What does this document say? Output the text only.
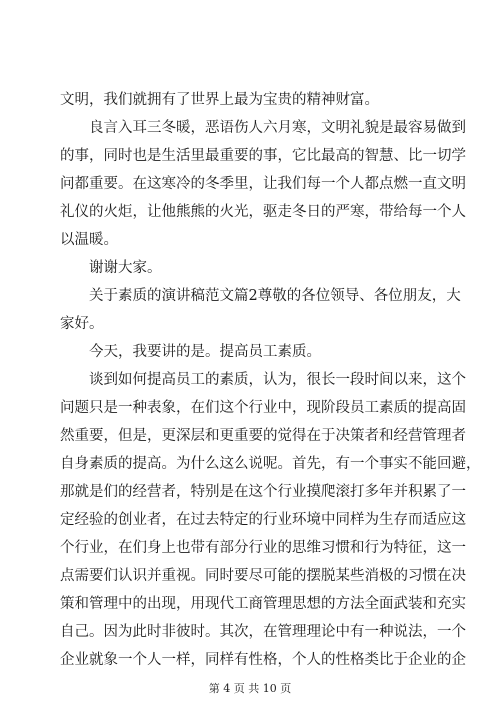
文明，我们就拥有了世界上最为宝贵的精神财富。
良言入耳三冬暖，恶语伤人六月寒，文明礼貌是最容易做到
的事，同时也是生活里最重要的事，它比最高的智慧、比一切学
问都重要。在这寒冷的冬季里，让我们每一个人都点燃一直文明
礼仪的火炬，让他熊熊的火光，驱走冬日的严寒，带给每一个人
以温暖。
谢谢大家。
关于素质的演讲稿范文篇2尊敬的各位领导、各位朋友，大
家好。
今天，我要讲的是。提高员工素质。
谈到如何提高员工的素质，认为，很长一段时间以来，这个
问题只是一种表象，在们这个行业中，现阶段员工素质的提高固
然重要，但是，更深层和更重要的觉得在于决策者和经营管理者
自身素质的提高。为什么这么说呢。首先，有一个事实不能回避，
那就是们的经营者，特别是在这个行业摸爬滚打多年并积累了一
定经验的创业者，在过去特定的行业环境中同样为生存而适应这
个行业，在们身上也带有部分行业的思维习惯和行为特征，这一
点需要们认识并重视。同时要尽可能的摆脱某些消极的习惯在决
策和管理中的出现，用现代工商管理思想的方法全面武装和充实
自己。因为此时非彼时。其次，在管理理论中有一种说法，一个
企业就象一个人一样，同样有性格，个人的性格类比于企业的企
第 4 页 共 10 页
